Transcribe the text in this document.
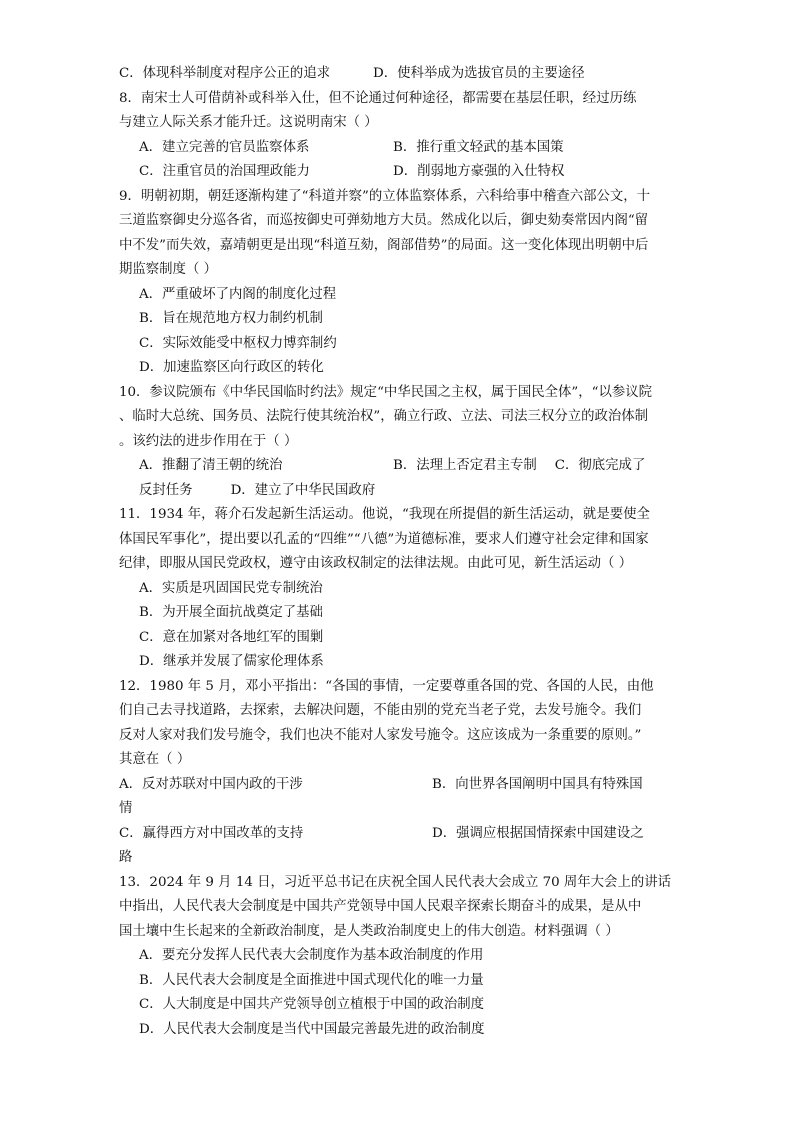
C．体现科举制度对程序公正的追求	D．使科举成为选拔官员的主要途径
8．南宋士人可借荫补或科举入仕，但不论通过何种途径，都需要在基层任职，经过历练
与建立人际关系才能升迁。这说明南宋（ ）
A．建立完善的官员监察体系	B．推行重文轻武的基本国策
C．注重官员的治国理政能力	D．削弱地方豪强的入仕特权
9．明朝初期，朝廷逐渐构建了“科道并察”的立体监察体系，六科给事中稽查六部公文，十
三道监察御史分巡各省，而巡按御史可弹劾地方大员。然成化以后，御史劾奏常因内阁“留
中不发”而失效，嘉靖朝更是出现“科道互劾，阁部借势”的局面。这一变化体现出明朝中后
期监察制度（ ）
A．严重破坏了内阁的制度化过程
B．旨在规范地方权力制约机制
C．实际效能受中枢权力博弈制约
D．加速监察区向行政区的转化
10．参议院颁布《中华民国临时约法》规定“中华民国之主权，属于国民全体”，“以参议院
、临时大总统、国务员、法院行使其统治权”，确立行政、立法、司法三权分立的政治体制
。该约法的进步作用在于（ ）
A．推翻了清王朝的统治	B．法理上否定君主专制 C．彻底完成了
反封任务	D．建立了中华民国政府
11．1934 年，蒋介石发起新生活运动。他说，“我现在所提倡的新生活运动，就是要使全
体国民军事化”，提出要以孔孟的“四维”“八德”为道德标准，要求人们遵守社会定律和国家
纪律，即服从国民党政权，遵守由该政权制定的法律法规。由此可见，新生活运动（ ）
A．实质是巩固国民党专制统治
B．为开展全面抗战奠定了基础
C．意在加紧对各地红军的围剿
D．继承并发展了儒家伦理体系
12．1980 年 5 月，邓小平指出：“各国的事情，一定要尊重各国的党、各国的人民，由他
们自己去寻找道路，去探索，去解决问题，不能由别的党充当老子党，去发号施令。我们
反对人家对我们发号施令，我们也决不能对人家发号施令。这应该成为一条重要的原则。”
其意在（ ）
A．反对苏联对中国内政的干涉	B．向世界各国阐明中国具有特殊国
情
C．赢得西方对中国改革的支持	D．强调应根据国情探索中国建设之
路
13．2024 年 9 月 14 日，习近平总书记在庆祝全国人民代表大会成立 70 周年大会上的讲话
中指出，人民代表大会制度是中国共产党领导中国人民艰辛探索长期奋斗的成果，是从中
国土壤中生长起来的全新政治制度，是人类政治制度史上的伟大创造。材料强调（ ）
A．要充分发挥人民代表大会制度作为基本政治制度的作用
B．人民代表大会制度是全面推进中国式现代化的唯一力量
C．人大制度是中国共产党领导创立植根于中国的政治制度
D．人民代表大会制度是当代中国最完善最先进的政治制度
